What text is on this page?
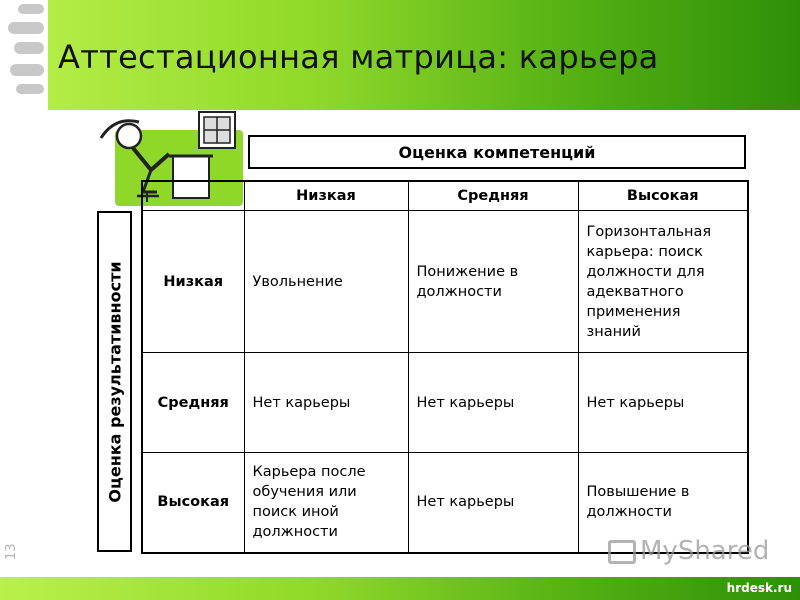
Аттестационная матрица: карьера
Оценка компетенций
Оценка результативности
	Низкая	Средняя	Высокая
Низкая	Увольнение	Понижение в должности	Горизонтальная карьера: поиск должности для адекватного применения знаний
Средняя	Нет карьеры	Нет карьеры	Нет карьеры
Высокая	Карьера после обучения или поиск иной должности	Нет карьеры	Повышение в должности
13	MyShared
hrdesk.ru
